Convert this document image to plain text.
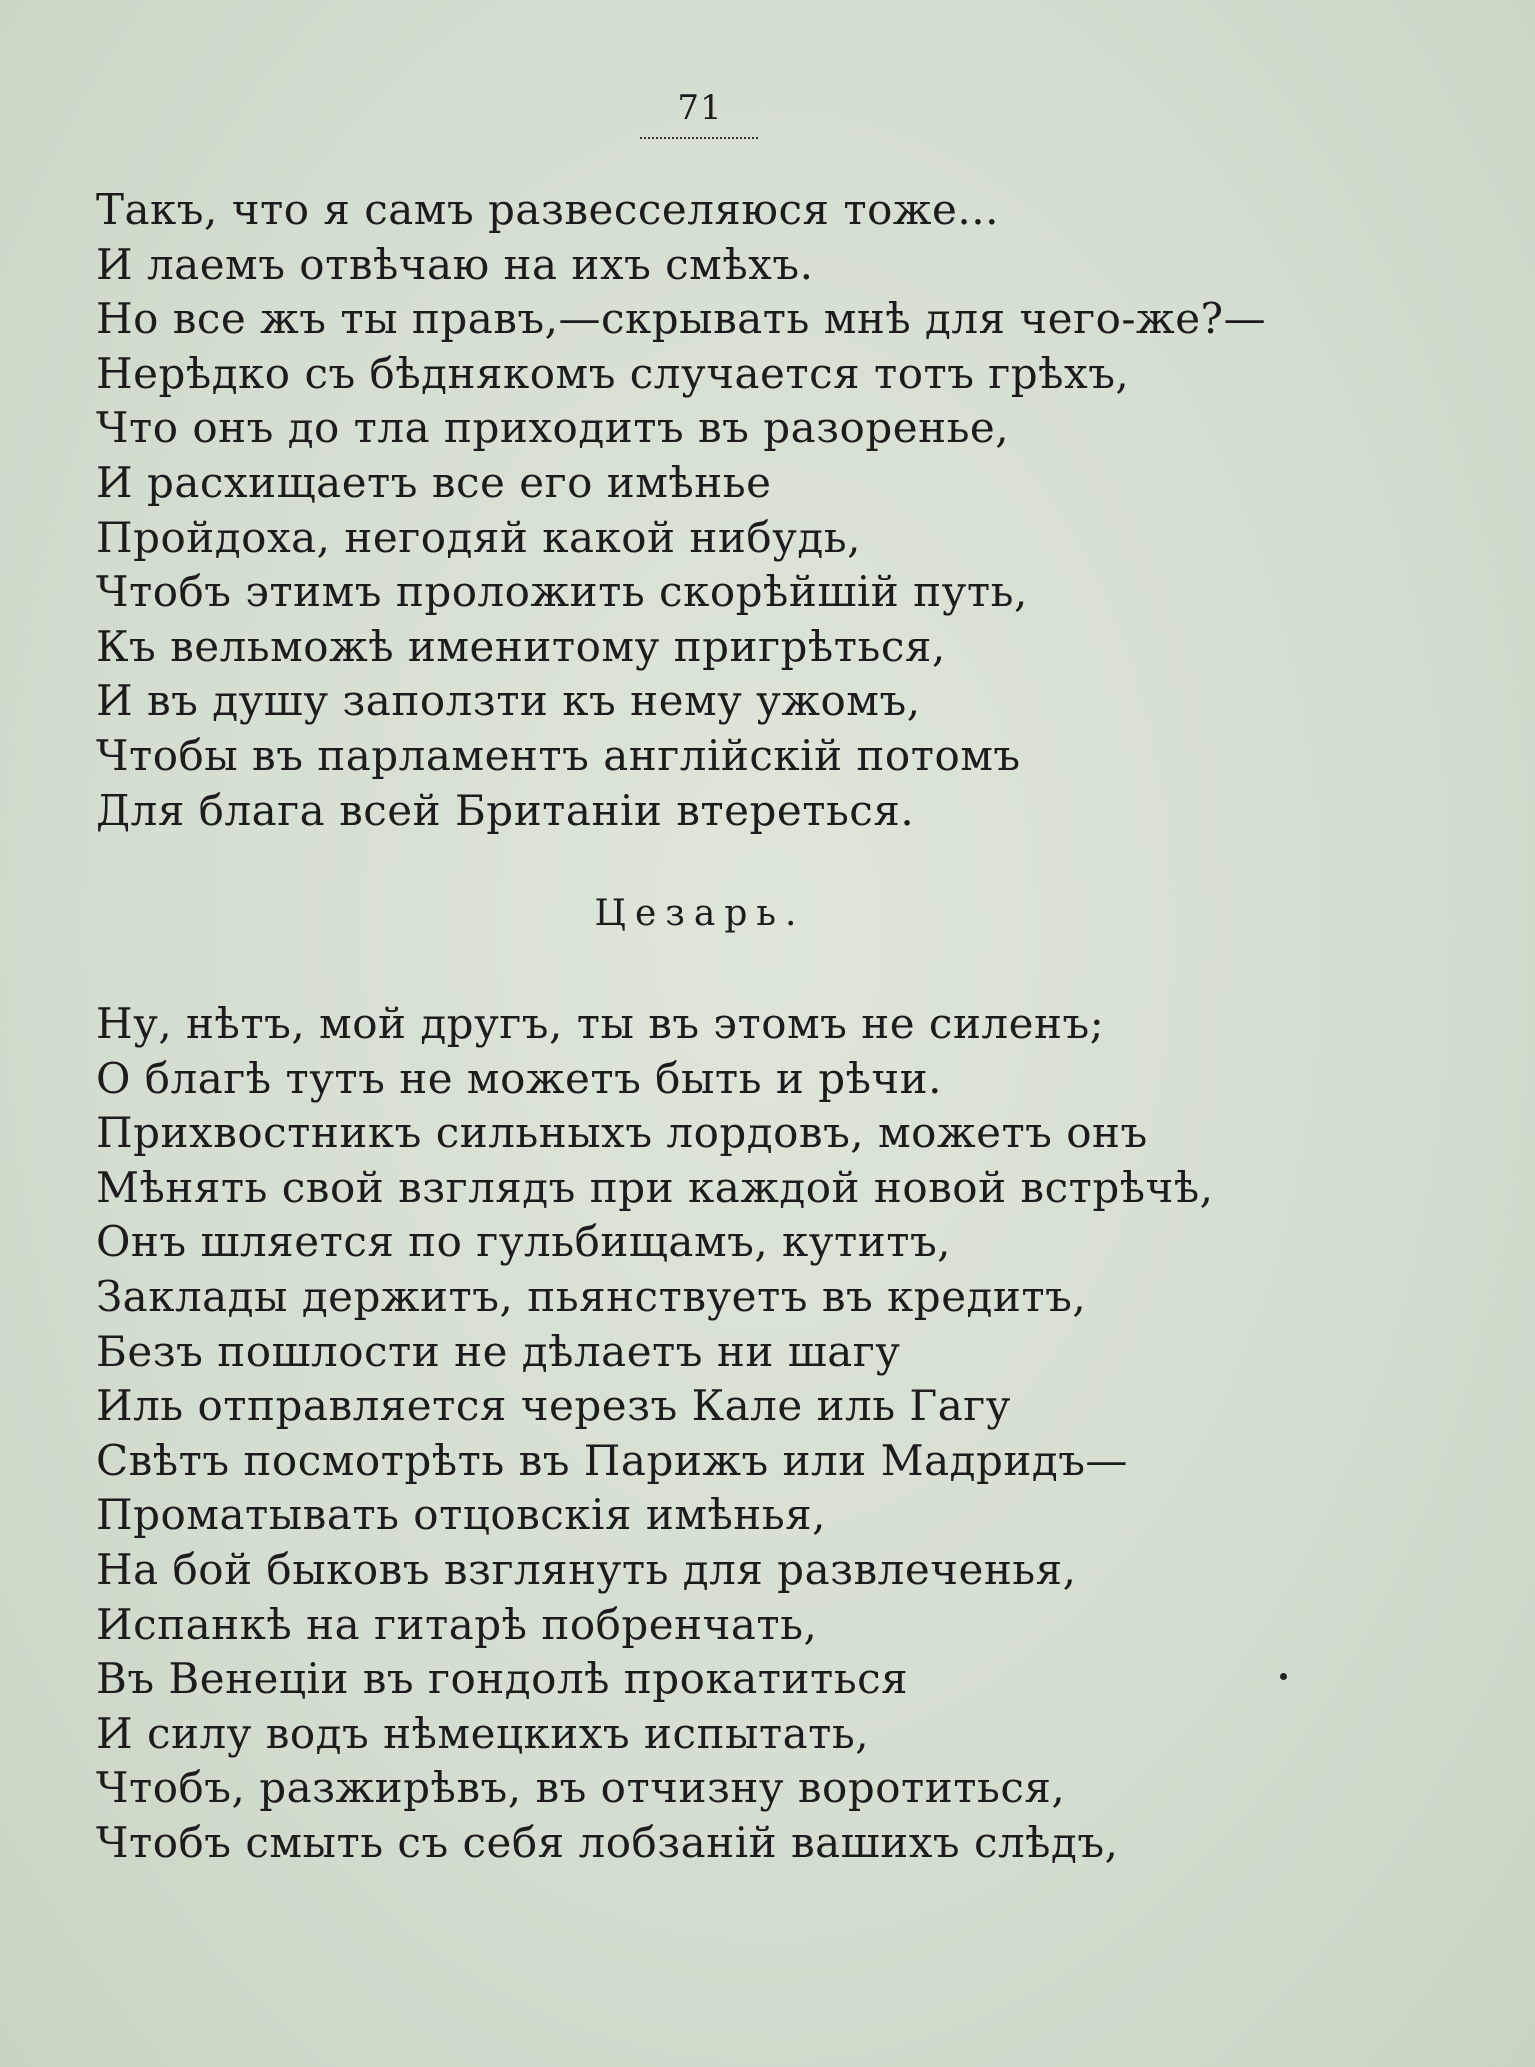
71
Такъ, что я самъ развесселяюся тоже...
И лаемъ отвѣчаю на ихъ смѣхъ.
Но все жъ ты правъ,—скрывать мнѣ для чего-же?—
Нерѣдко съ бѣднякомъ случается тотъ грѣхъ,
Что онъ до тла приходитъ въ разоренье,
И расхищаетъ все его имѣнье
Пройдоха, негодяй какой нибудь,
Чтобъ этимъ проложить скорѣйшій путь,
Къ вельможѣ именитому пригрѣться,
И въ душу заползти къ нему ужомъ,
Чтобы въ парламентъ англійскій потомъ
Для блага всей Британіи втереться.
Цезарь.
Ну, нѣтъ, мой другъ, ты въ этомъ не силенъ;
О благѣ тутъ не можетъ быть и рѣчи.
Прихвостникъ сильныхъ лордовъ, можетъ онъ
Мѣнять свой взглядъ при каждой новой встрѣчѣ,
Онъ шляется по гульбищамъ, кутитъ,
Заклады держитъ, пьянствуетъ въ кредитъ,
Безъ пошлости не дѣлаетъ ни шагу
Иль отправляется черезъ Кале иль Гагу
Свѣтъ посмотрѣть въ Парижъ или Мадридъ—
Проматывать отцовскія имѣнья,
На бой быковъ взглянуть для развлеченья,
Испанкѣ на гитарѣ побренчать,
Въ Венеціи въ гондолѣ прокатиться
И силу водъ нѣмецкихъ испытать,
Чтобъ, разжирѣвъ, въ отчизну воротиться,
Чтобъ смыть съ себя лобзаній вашихъ слѣдъ,
